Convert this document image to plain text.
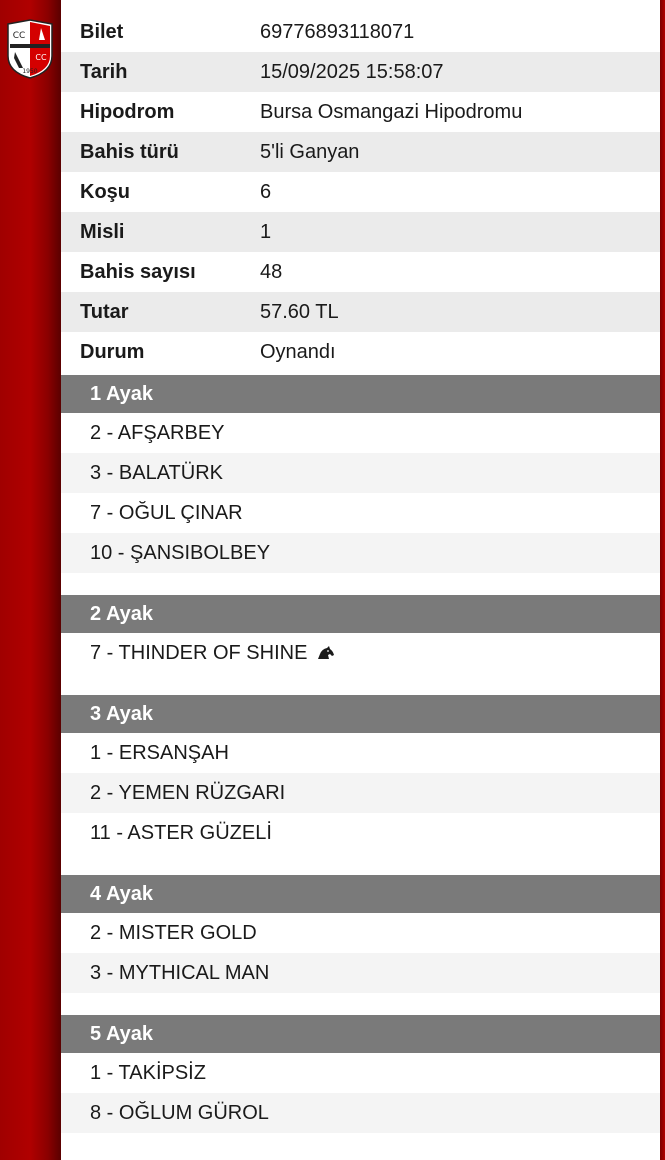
CC
CC
1950
Bilet	69776893118071
Tarih	15/09/2025 15:58:07
Hipodrom	Bursa Osmangazi Hipodromu
Bahis türü	5'li Ganyan
Koşu	6
Misli	1
Bahis sayısı	48
Tutar	57.60 TL
Durum	Oynandı
1 Ayak
2 - AFŞARBEY
3 - BALATÜRK
7 - OĞUL ÇINAR
10 - ŞANSIBOLBEY
2 Ayak
7 - THINDER OF SHINE
3 Ayak
1 - ERSANŞAH
2 - YEMEN RÜZGARI
11 - ASTER GÜZELİ
4 Ayak
2 - MISTER GOLD
3 - MYTHICAL MAN
5 Ayak
1 - TAKİPSİZ
8 - OĞLUM GÜROL
